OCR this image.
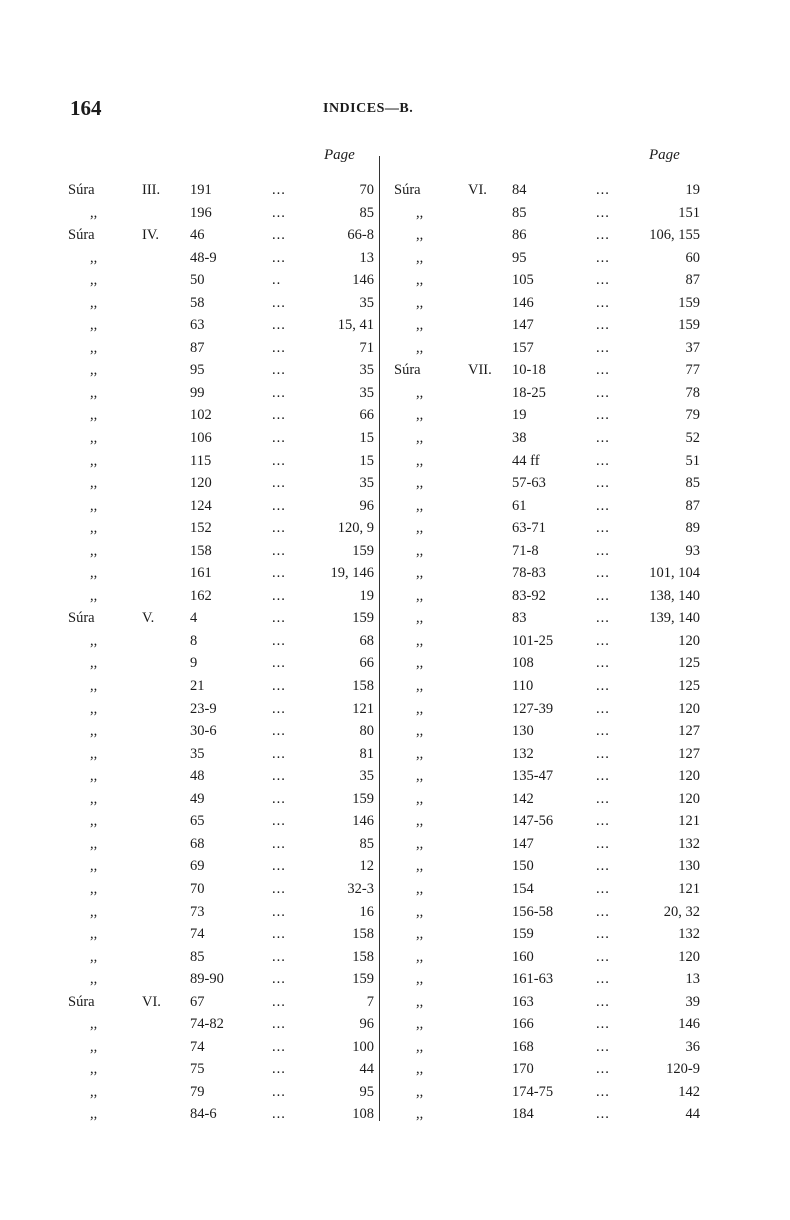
164	INDICES—B.
Page	Page
Súra	III.	191	...	70
,,	196	...	85
Súra	IV.	46	...	66-8
,,	48-9	...	13
,,	50	..	146
,,	58	...	35
,,	63	...	15, 41
,,	87	...	71
,,	95	...	35
,,	99	...	35
,,	102	...	66
,,	106	...	15
,,	115	...	15
,,	120	...	35
,,	124	...	96
,,	152	...	120, 9
,,	158	...	159
,,	161	...	19, 146
,,	162	...	19
Súra	V.	4	...	159
,,	8	...	68
,,	9	...	66
,,	21	...	158
,,	23-9	...	121
,,	30-6	...	80
,,	35	...	81
,,	48	...	35
,,	49	...	159
,,	65	...	146
,,	68	...	85
,,	69	...	12
,,	70	...	32-3
,,	73	...	16
,,	74	...	158
,,	85	...	158
,,	89-90	...	159
Súra	VI.	67	...	7
,,	74-82	...	96
,,	74	...	100
,,	75	...	44
,,	79	...	95
,,	84-6	...	108
Súra	VI.	84	...	19
,,	85	...	151
,,	86	...	106, 155
,,	95	...	60
,,	105	...	87
,,	146	...	159
,,	147	...	159
,,	157	...	37
Súra	VII.	10-18	...	77
,,	18-25	...	78
,,	19	...	79
,,	38	...	52
,,	44 ff	...	51
,,	57-63	...	85
,,	61	...	87
,,	63-71	...	89
,,	71-8	...	93
,,	78-83	...	101, 104
,,	83-92	...	138, 140
,,	83	...	139, 140
,,	101-25	...	120
,,	108	...	125
,,	110	...	125
,,	127-39	...	120
,,	130	...	127
,,	132	...	127
,,	135-47	...	120
,,	142	...	120
,,	147-56	...	121
,,	147	...	132
,,	150	...	130
,,	154	...	121
,,	156-58	...	20, 32
,,	159	...	132
,,	160	...	120
,,	161-63	...	13
,,	163	...	39
,,	166	...	146
,,	168	...	36
,,	170	...	120-9
,,	174-75	...	142
,,	184	...	44
